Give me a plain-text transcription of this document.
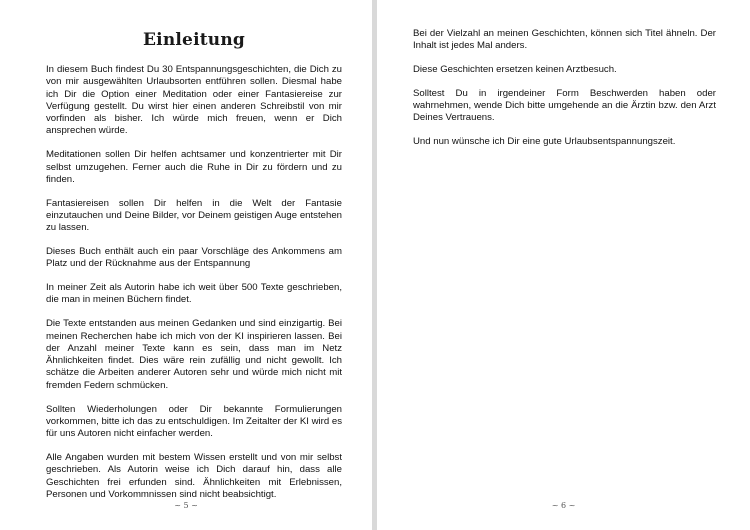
Einleitung

In diesem Buch findest Du 30 Entspannungsgeschichten, die Dich zu von mir ausgewählten Urlaubsorten entführen sollen. Diesmal habe ich Dir die Option einer Meditation oder einer Fantasiereise zur Verfügung gestellt. Du wirst hier einen anderen Schreibstil von mir vorfinden als bisher. Ich würde mich freuen, wenn er Dich ansprechen würde.

Meditationen sollen Dir helfen achtsamer und konzentrierter mit Dir selbst umzugehen. Ferner auch die Ruhe in Dir zu fördern und zu finden.

Fantasiereisen sollen Dir helfen in die Welt der Fantasie einzutauchen und Deine Bilder, vor Deinem geistigen Auge entstehen zu lassen.

Dieses Buch enthält auch ein paar Vorschläge des Ankommens am Platz und der Rücknahme aus der Entspannung

In meiner Zeit als Autorin habe ich weit über 500 Texte geschrieben, die man in meinen Büchern findet.

Die Texte entstanden aus meinen Gedanken und sind einzigartig. Bei meinen Recherchen habe ich mich von der KI inspirieren lassen. Bei der Anzahl meiner Texte kann es sein, dass man im Netz Ähnlichkeiten findet. Dies wäre rein zufällig und nicht gewollt. Ich schätze die Arbeiten anderer Autoren sehr und würde mich nicht mit fremden Federn schmücken.

Sollten Wiederholungen oder Dir bekannte Formulierungen vorkommen, bitte ich das zu entschuldigen. Im Zeitalter der KI wird es für uns Autoren nicht einfacher werden.

Alle Angaben wurden mit bestem Wissen erstellt und von mir selbst geschrieben. Als Autorin weise ich Dich darauf hin, dass alle Geschichten frei erfunden sind. Ähnlichkeiten mit Erlebnissen, Personen und Vorkommnissen sind nicht beabsichtigt.

~ 5 ~

Bei der Vielzahl an meinen Geschichten, können sich Titel ähneln. Der Inhalt ist jedes Mal anders.

Diese Geschichten ersetzen keinen Arztbesuch.

Solltest Du in irgendeiner Form Beschwerden haben oder wahrnehmen, wende Dich bitte umgehende an die Ärztin bzw. den Arzt Deines Vertrauens.

Und nun wünsche ich Dir eine gute Urlaubsentspannungszeit.

~ 6 ~
